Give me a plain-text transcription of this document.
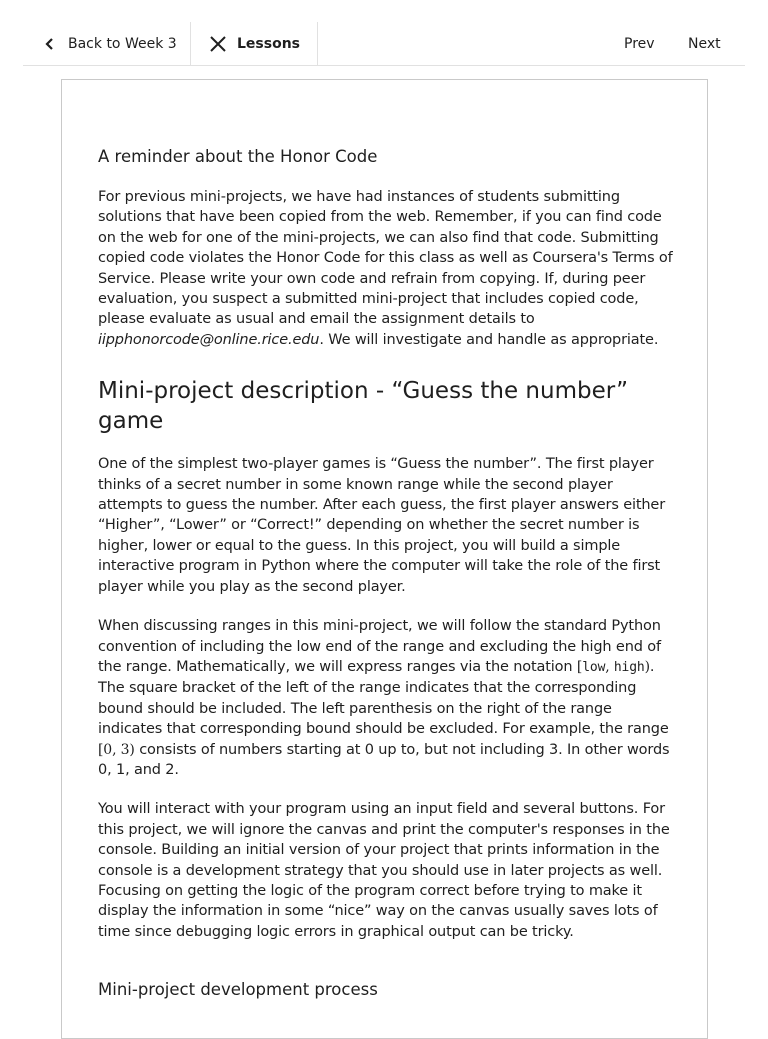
Back to Week 3	Lessons	Prev Next
A reminder about the Honor Code

For previous mini-projects, we have had instances of students submitting solutions that have been copied from the web. Remember, if you can find code on the web for one of the mini-projects, we can also find that code. Submitting copied code violates the Honor Code for this class as well as Coursera's Terms of Service. Please write your own code and refrain from copying. If, during peer evaluation, you suspect a submitted mini-project that includes copied code, please evaluate as usual and email the assignment details to iipphonorcode@online.rice.edu. We will investigate and handle as appropriate.

Mini-project description - “Guess the number” game

One of the simplest two-player games is “Guess the number”. The first player thinks of a secret number in some known range while the second player attempts to guess the number. After each guess, the first player answers either “Higher”, “Lower” or “Correct!” depending on whether the secret number is higher, lower or equal to the guess. In this project, you will build a simple interactive program in Python where the computer will take the role of the first player while you play as the second player.

When discussing ranges in this mini-project, we will follow the standard Python convention of including the low end of the range and excluding the high end of the range. Mathematically, we will express ranges via the notation [low, high). The square bracket of the left of the range indicates that the corresponding bound should be included. The left parenthesis on the right of the range indicates that corresponding bound should be excluded. For example, the range [0, 3) consists of numbers starting at 0 up to, but not including 3. In other words 0, 1, and 2.

You will interact with your program using an input field and several buttons. For this project, we will ignore the canvas and print the computer's responses in the console. Building an initial version of your project that prints information in the console is a development strategy that you should use in later projects as well. Focusing on getting the logic of the program correct before trying to make it display the information in some “nice” way on the canvas usually saves lots of time since debugging logic errors in graphical output can be tricky.

Mini-project development process
